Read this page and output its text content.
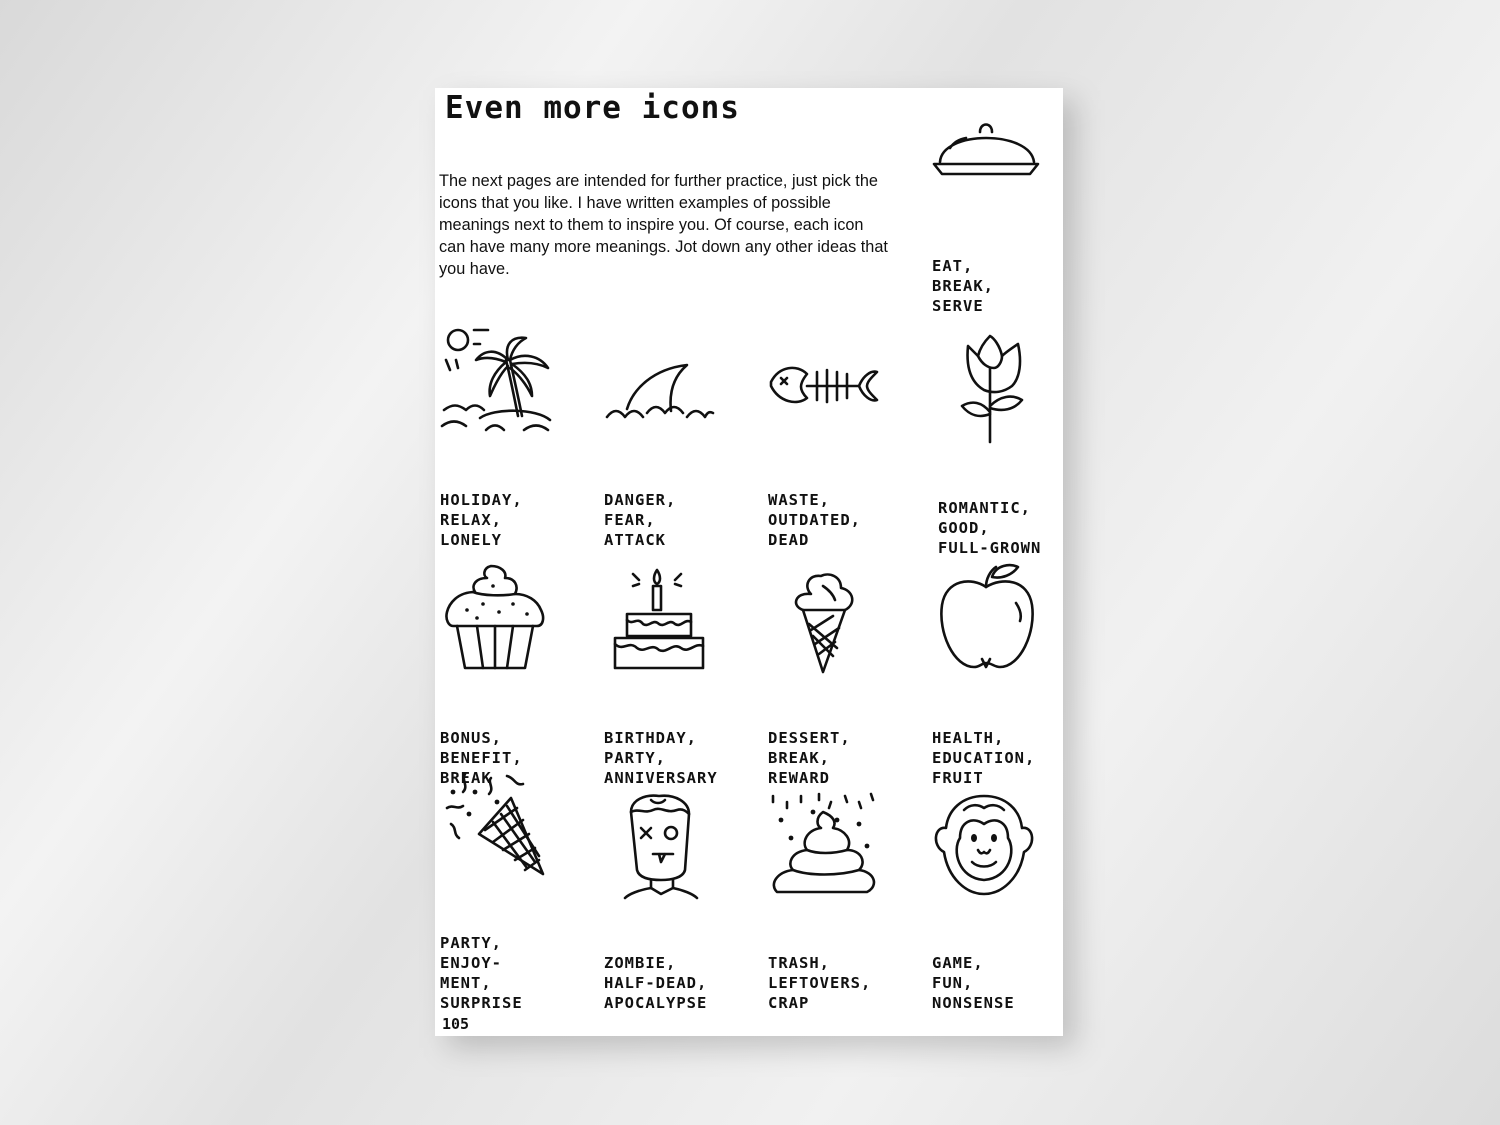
Even more icons

The next pages are intended for further practice, just pick the icons that you like. I have written examples of possible meanings next to them to inspire you. Of course, each icon can have many more meanings. Jot down any other ideas that you have.

	EAT,
BREAK,
SERVE

HOLIDAY,
RELAX,
LONELY

DANGER,
FEAR,
ATTACK

WASTE,
OUTDATED,
DEAD

ROMANTIC,
GOOD,
FULL-GROWN

BONUS,
BENEFIT,
BREAK

BIRTHDAY,
PARTY,
ANNIVERSARY

DESSERT,
BREAK,
REWARD

HEALTH,
EDUCATION,
FRUIT

PARTY,
ENJOY-
MENT,
SURPRISE

ZOMBIE,
HALF-DEAD,
APOCALYPSE

TRASH,
LEFTOVERS,
CRAP

GAME,
FUN,
NONSENSE

105
